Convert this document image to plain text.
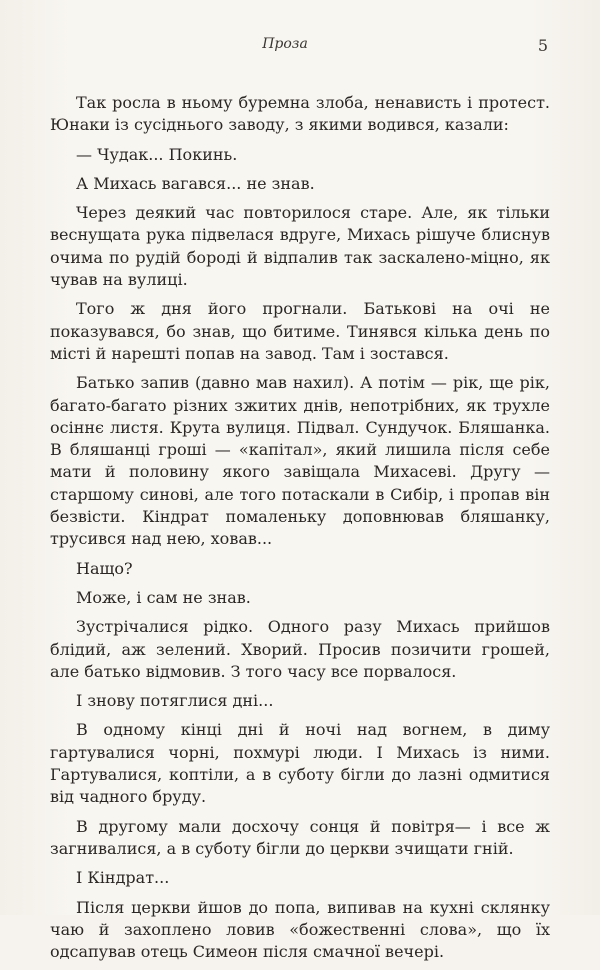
Проза	5

Так росла в ньому буремна злоба, ненависть і протест. Юнаки із сусіднього заводу, з якими водився, казали:

— Чудак... Покинь.

А Михась вагався... не знав.

Через деякий час повторилося старе. Але, як тільки веснущата рука підвелася вдруге, Михась рішуче блиснув очима по рудій бороді й відпалив так заскалено-міцно, як чував на вулиці.

Того ж дня його прогнали. Батькові на очі не показувався, бо знав, що битиме. Тинявся кілька день по місті й нарешті попав на завод. Там і зостався.

Батько запив (давно мав нахил). А потім — рік, ще рік, багато-багато різних зжитих днів, непотрібних, як трухле осіннє листя. Крута вулиця. Підвал. Сундучок. Бляшанка. В бляшанці гроші — «капітал», який лишила після себе мати й половину якого завіщала Михасеві. Другу — старшому синові, але того потаскали в Сибір, і пропав він безвісти. Кіндрат помаленьку доповнював бляшанку, трусився над нею, ховав...

Нащо?

Може, і сам не знав.

Зустрічалися рідко. Одного разу Михась прийшов блідий, аж зелений. Хворий. Просив позичити грошей, але батько відмовив. З того часу все порвалося.

І знову потяглися дні...

В одному кінці дні й ночі над вогнем, в диму гартувалися чорні, похмурі люди. І Михась із ними. Гартувалися, коптіли, а в суботу бігли до лазні одмитися від чадного бруду.

В другому мали досхочу сонця й повітря— і все ж загнивалися, а в суботу бігли до церкви зчищати гній.

І Кіндрат...

Після церкви йшов до попа, випивав на кухні склянку чаю й захоплено ловив «божественні слова», що їх одсапував отець Симеон після смачної вечері.
